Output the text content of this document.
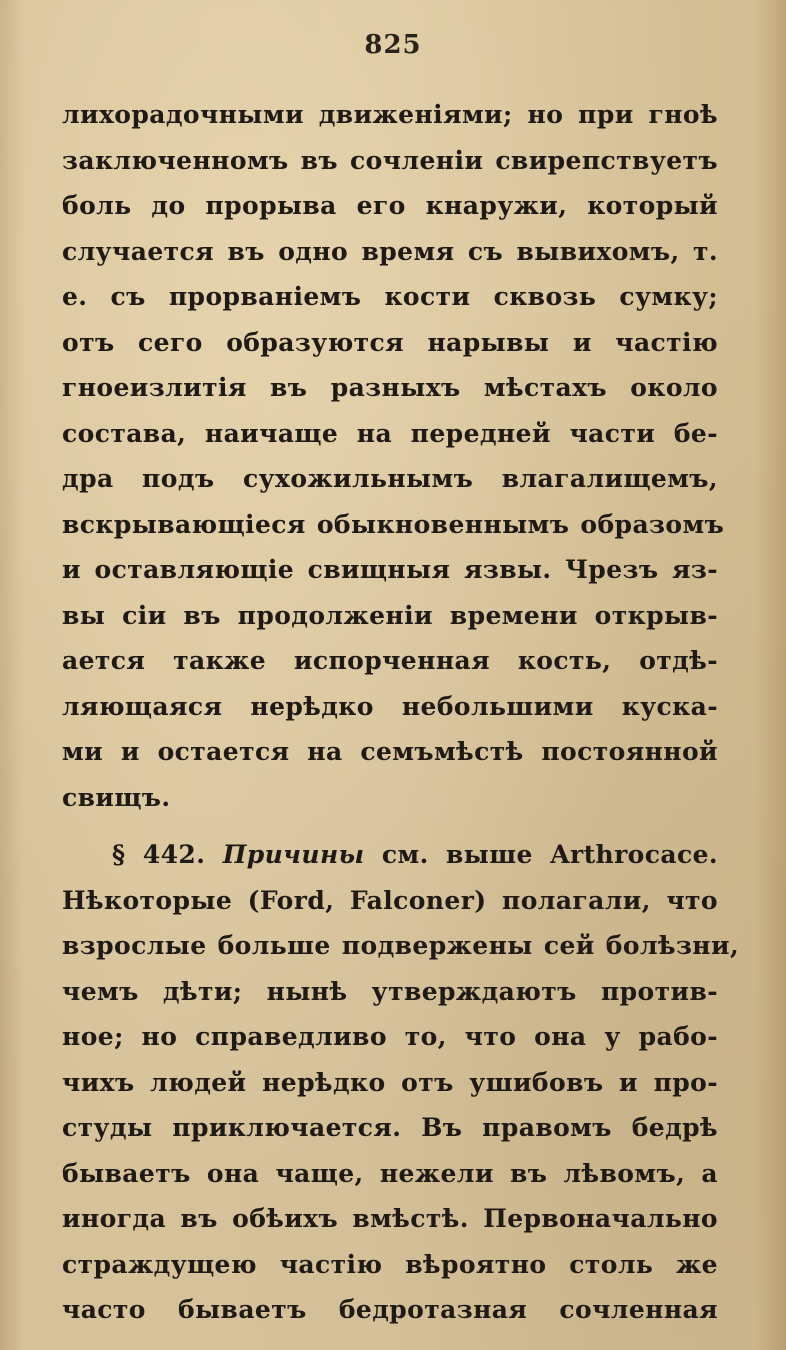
825
лихорадочными движеніями; но при гноѣ
заключенномъ въ сочленіи свирепствуетъ
боль до прорыва его кнаружи, который
случается въ одно время съ вывихомъ, т.
е. съ прорваніемъ кости сквозь сумку;
отъ сего образуются нарывы и частію
гноеизлитія въ разныхъ мѣстахъ около
состава, наичаще на передней части бе-
дра подъ сухожильнымъ влагалищемъ,
вскрывающіеся обыкновеннымъ образомъ
и оставляющіе свищныя язвы. Чрезъ яз-
вы сіи въ продолженіи времени открыв-
ается также испорченная кость, отдѣ-
ляющаяся нерѣдко небольшими куска-
ми и остается на семъмѣстѣ постоянной
свищъ.
§ 442. Причины см. выше Arthrocace.
Нѣкоторые (Ford, Falconer) полагали, что
взрослые больше подвержены сей болѣзни,
чемъ дѣти; нынѣ утверждаютъ против-
ное; но справедливо то, что она у рабо-
чихъ людей нерѣдко отъ ушибовъ и про-
студы приключается. Въ правомъ бедрѣ
бываетъ она чаще, нежели въ лѣвомъ, а
иногда въ обѣихъ вмѣстѣ. Первоначально
страждущею частію вѣроятно столь же
часто бываетъ бедротазная сочленная
